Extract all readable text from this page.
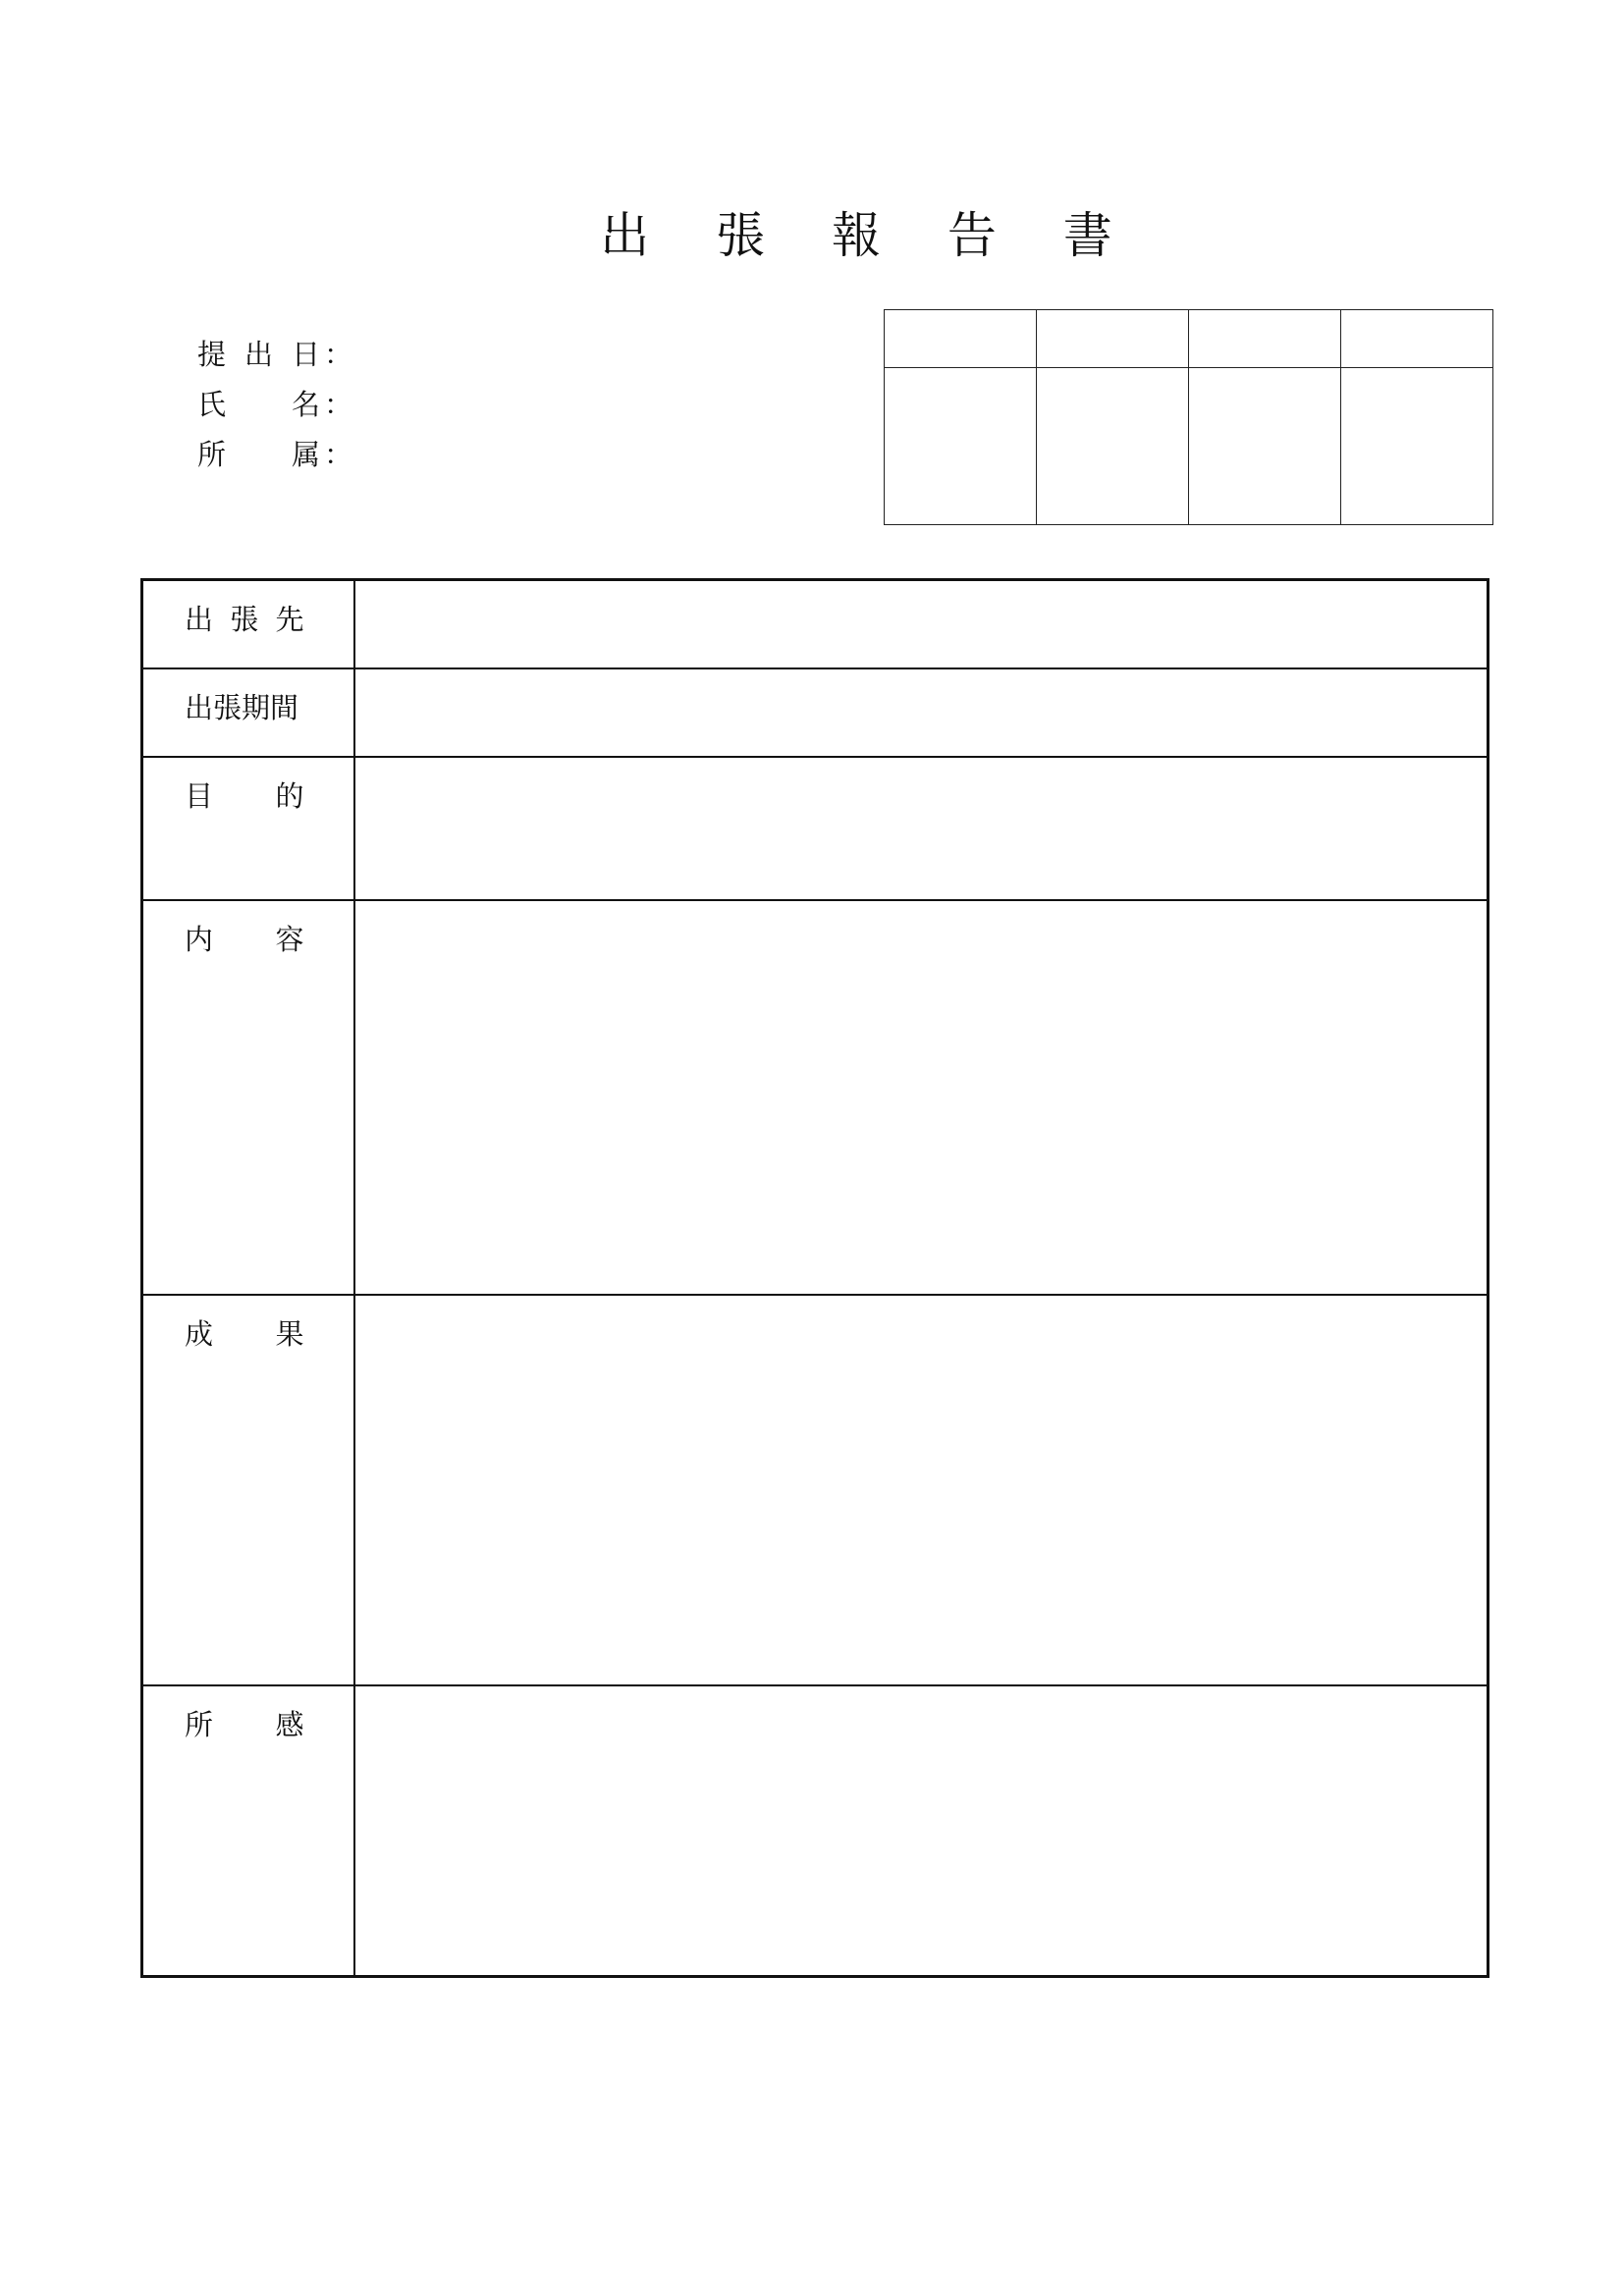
出 張 報 告 書
提出日 ：
氏名 ：
所属 ：

出張先	

出張期間	

目的	

内容	

成果	

所感	
